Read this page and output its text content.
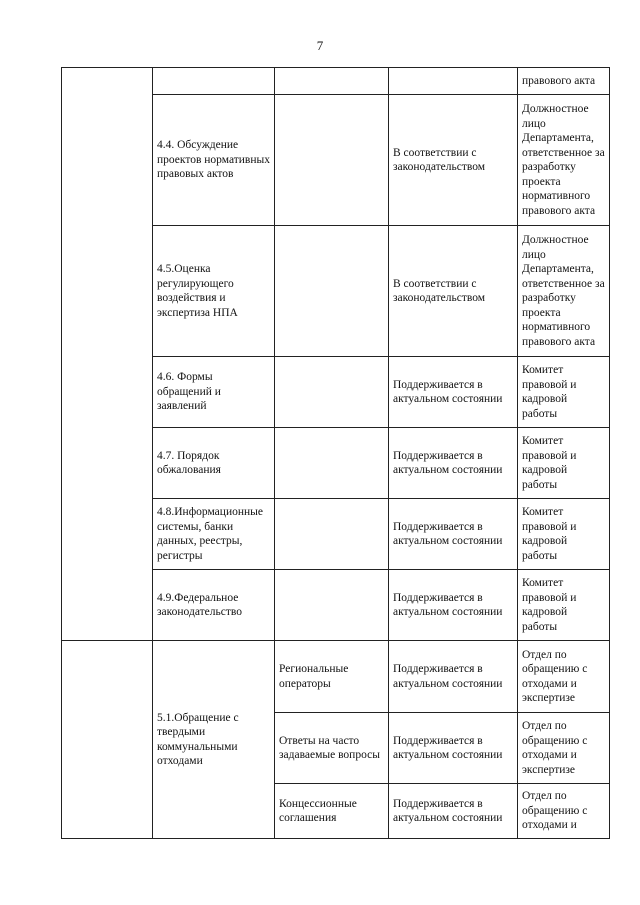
7
				правового акта
	4.4. Обсуждение проектов нормативных правовых актов		В соответствии с законодательством	Должностное лицо Департамента, ответственное за разработку проекта нормативного правового акта
	4.5.Оценка регулирующего воздействия и экспертиза НПА		В соответствии с законодательством	Должностное лицо Департамента, ответственное за разработку проекта нормативного правового акта
	4.6. Формы обращений и заявлений		Поддерживается в актуальном состоянии	Комитет правовой и кадровой работы
	4.7. Порядок обжалования		Поддерживается в актуальном состоянии	Комитет правовой и кадровой работы
	4.8.Информационные системы, банки данных, реестры, регистры		Поддерживается в актуальном состоянии	Комитет правовой и кадровой работы
	4.9.Федеральное законодательство		Поддерживается в актуальном состоянии	Комитет правовой и кадровой работы
	5.1.Обращение с твердыми коммунальными отходами	Региональные операторы	Поддерживается в актуальном состоянии	Отдел по обращению с отходами и экспертизе
		Ответы на часто задаваемые вопросы	Поддерживается в актуальном состоянии	Отдел по обращению с отходами и экспертизе
		Концессионные соглашения	Поддерживается в актуальном состоянии	Отдел по обращению с отходами и
